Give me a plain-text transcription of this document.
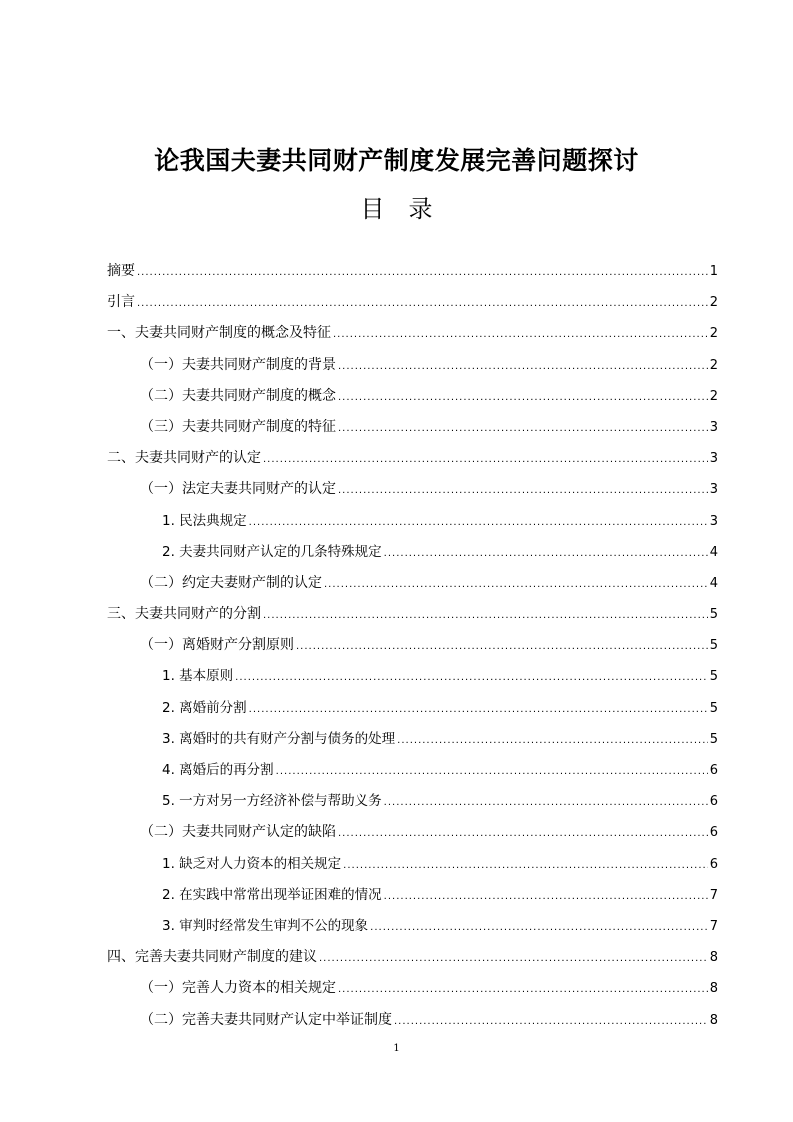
论我国夫妻共同财产制度发展完善问题探讨
目　录
摘要 .....	1
引言 .....	2
一、夫妻共同财产制度的概念及特征 .....	2
（一）夫妻共同财产制度的背景 .....	2
（二）夫妻共同财产制度的概念 .....	2
（三）夫妻共同财产制度的特征 .....	3
二、夫妻共同财产的认定 .....	3
（一）法定夫妻共同财产的认定 .....	3
1. 民法典规定 .....	3
2. 夫妻共同财产认定的几条特殊规定 .....	4
（二）约定夫妻财产制的认定 .....	4
三、夫妻共同财产的分割 .....	5
（一）离婚财产分割原则 .....	5
1. 基本原则 .....	5
2. 离婚前分割 .....	5
3. 离婚时的共有财产分割与债务的处理 .....	5
4. 离婚后的再分割 .....	6
5. 一方对另一方经济补偿与帮助义务 .....	6
（二）夫妻共同财产认定的缺陷 .....	6
1. 缺乏对人力资本的相关规定 .....	6
2. 在实践中常常出现举证困难的情况 .....	7
3. 审判时经常发生审判不公的现象 .....	7
四、完善夫妻共同财产制度的建议 .....	8
（一）完善人力资本的相关规定 .....	8
（二）完善夫妻共同财产认定中举证制度 .....	8
1
